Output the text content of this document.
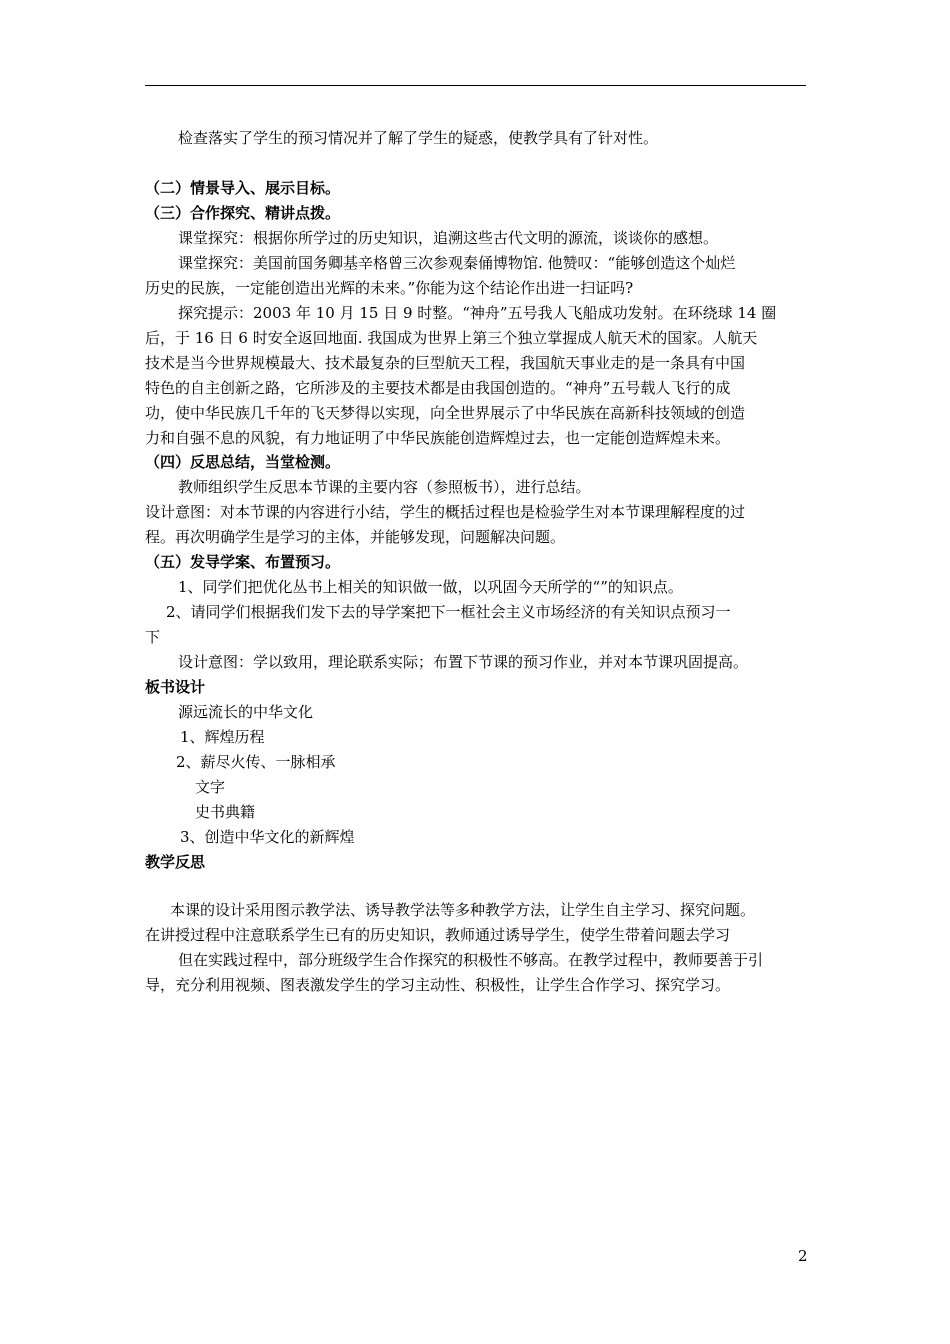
检查落实了学生的预习情况并了解了学生的疑惑，使教学具有了针对性。
（二）情景导入、展示目标。
（三）合作探究、精讲点拨。
课堂探究：根据你所学过的历史知识，追溯这些古代文明的源流，谈谈你的感想。
课堂探究：美国前国务卿基辛格曾三次参观秦俑博物馆. 他赞叹：“能够创造这个灿烂
历史的民族，一定能创造出光辉的未来。”你能为这个结论作出进一扫证吗?
探究提示：2003 年 10 月 15 日 9 时整。“神舟”五号我人飞船成功发射。在环绕球 14 圈
后，于 16 日 6 时安全返回地面. 我国成为世界上第三个独立掌握成人航天术的国家。人航天
技术是当今世界规模最大、技术最复杂的巨型航天工程，我国航天事业走的是一条具有中国
特色的自主创新之路，它所涉及的主要技术都是由我国创造的。“神舟”五号载人飞行的成
功，使中华民族几千年的飞天梦得以实现，向全世界展示了中华民族在高新科技领域的创造
力和自强不息的风貌，有力地证明了中华民族能创造辉煌过去，也一定能创造辉煌未来。
（四）反思总结，当堂检测。
教师组织学生反思本节课的主要内容（参照板书），进行总结。
设计意图：对本节课的内容进行小结，学生的概括过程也是检验学生对本节课理解程度的过
程。再次明确学生是学习的主体，并能够发现，问题解决问题。
（五）发导学案、布置预习。
1、同学们把优化丛书上相关的知识做一做，以巩固今天所学的“”的知识点。
2、请同学们根据我们发下去的导学案把下一框社会主义市场经济的有关知识点预习一
下
设计意图：学以致用，理论联系实际；布置下节课的预习作业，并对本节课巩固提高。
板书设计
源远流长的中华文化
1、辉煌历程
2、薪尽火传、一脉相承
文字
史书典籍
3、创造中华文化的新辉煌
教学反思
本课的设计采用图示教学法、诱导教学法等多种教学方法，让学生自主学习、探究问题。
在讲授过程中注意联系学生已有的历史知识，教师通过诱导学生，使学生带着问题去学习
但在实践过程中，部分班级学生合作探究的积极性不够高。在教学过程中，教师要善于引
导，充分利用视频、图表激发学生的学习主动性、积极性，让学生合作学习、探究学习。
2
